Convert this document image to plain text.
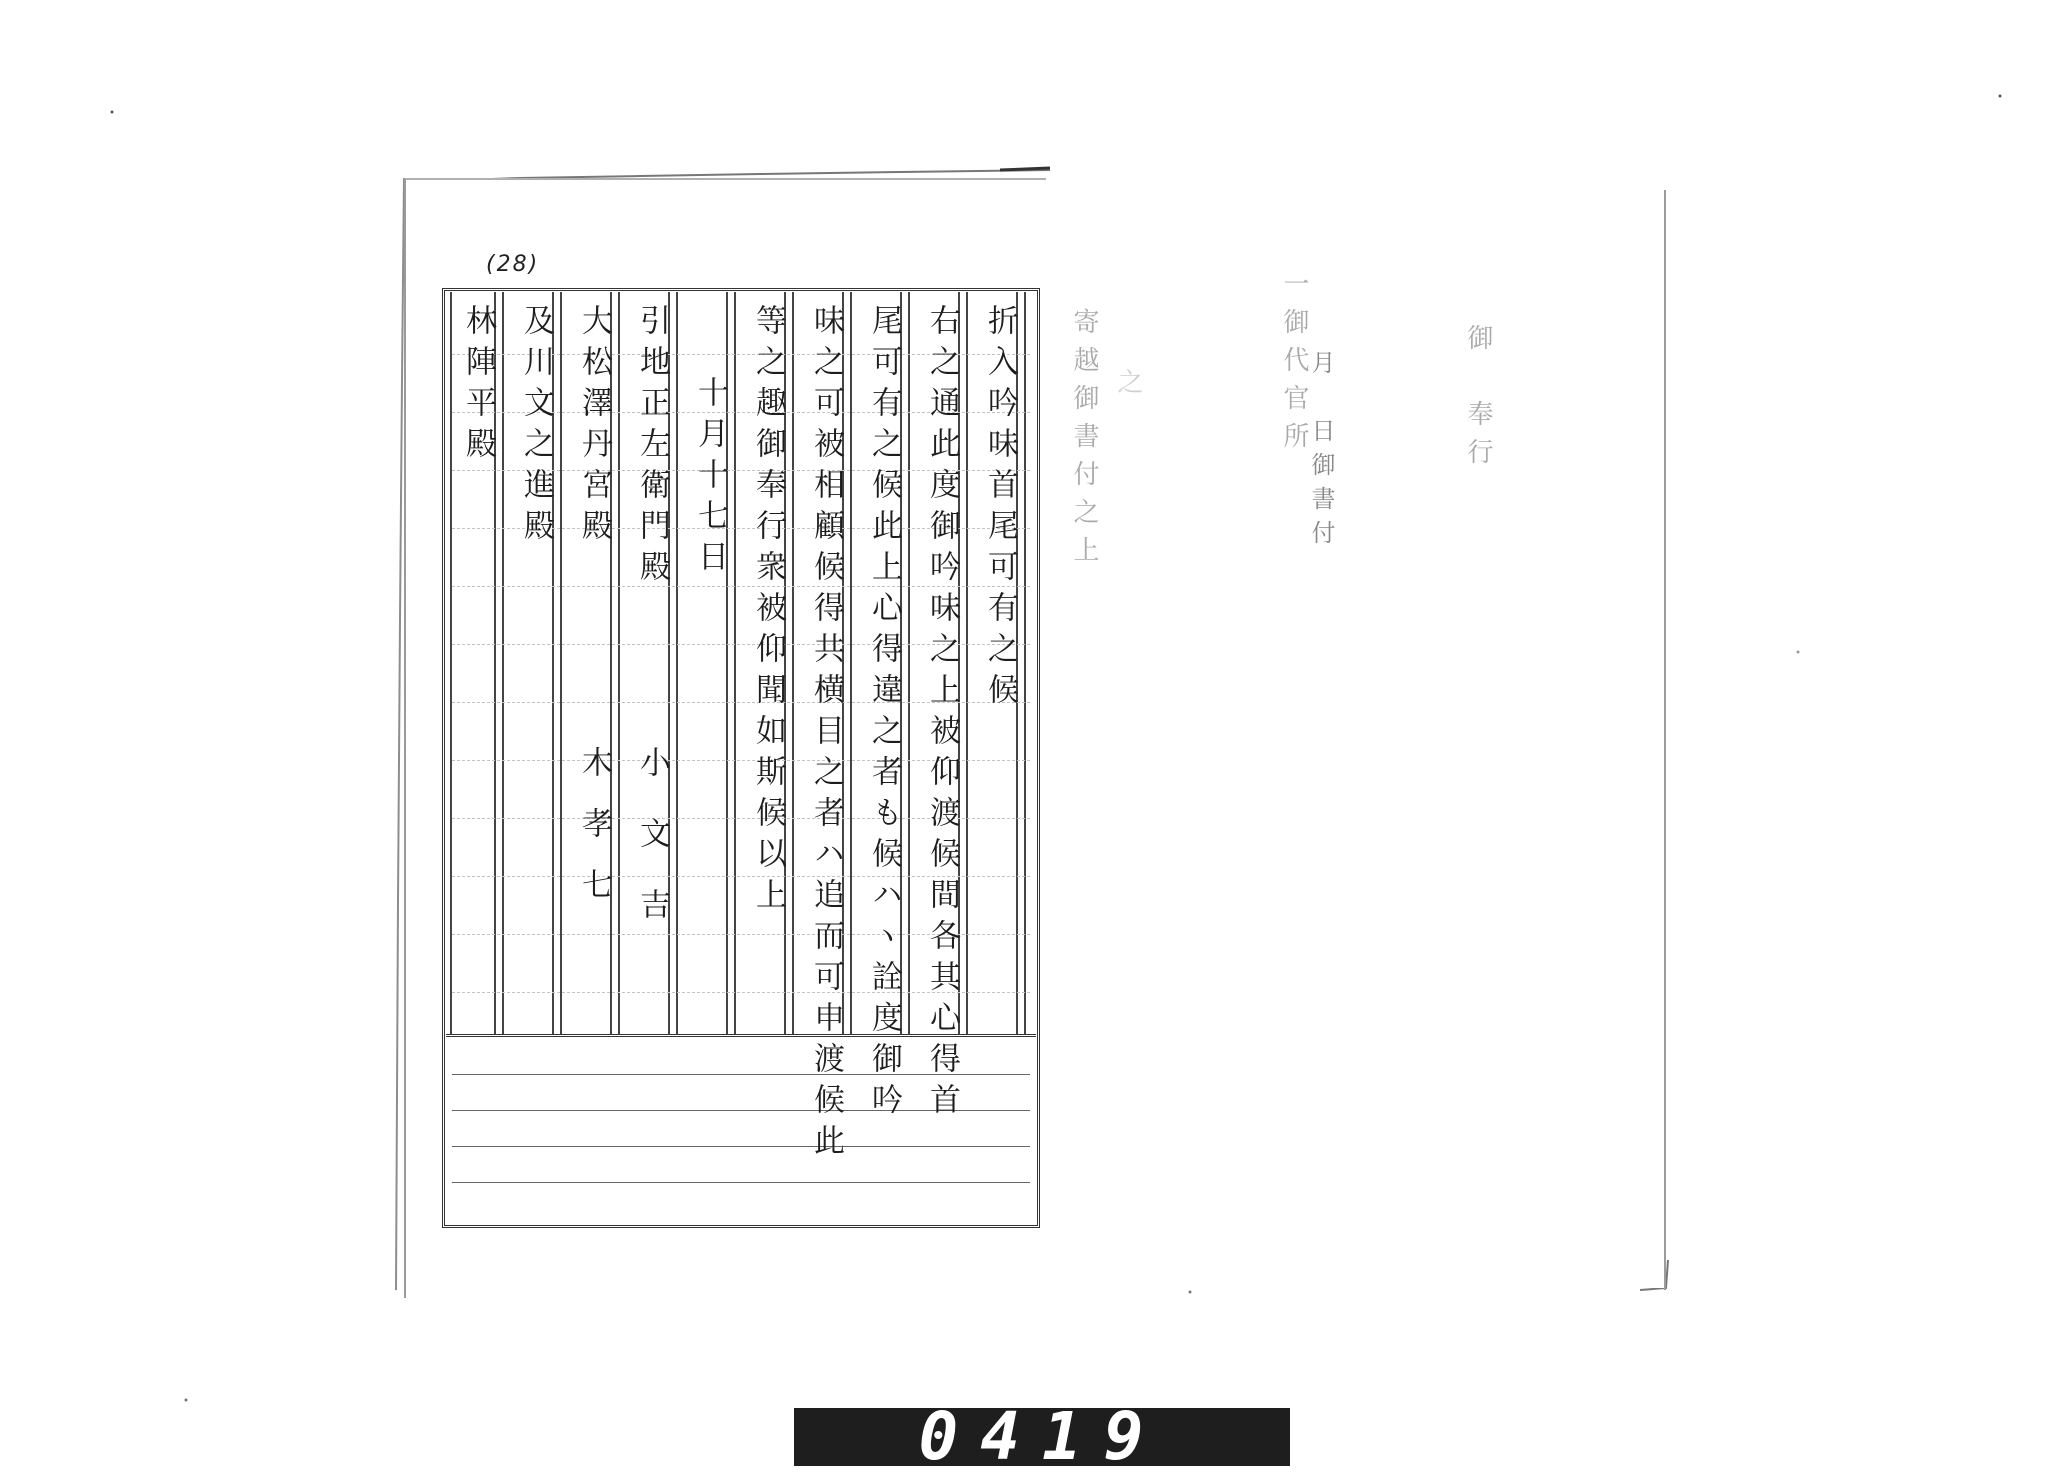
(28)
折入吟味首尾可有之候
右之通此度御吟味之上被仰渡候間各其心得首
尾可有之候此上心得違之者も候ハヽ詮度御吟
味之可被相顧候得共横目之者ハ追而可申渡候此
等之趣御奉行衆被仰聞如斯候以上
十月十七日
引地正左衛門殿
大松澤丹宮殿
及川文之進殿
林陣平殿
小文吉
木孝七
寄越御書付之上 　之　　　　　　　
　　　　　　　　　	一御代官所　　　　
　月　日御書付　　
　　　　　　　　　　	　御　奉行　　　

0419
